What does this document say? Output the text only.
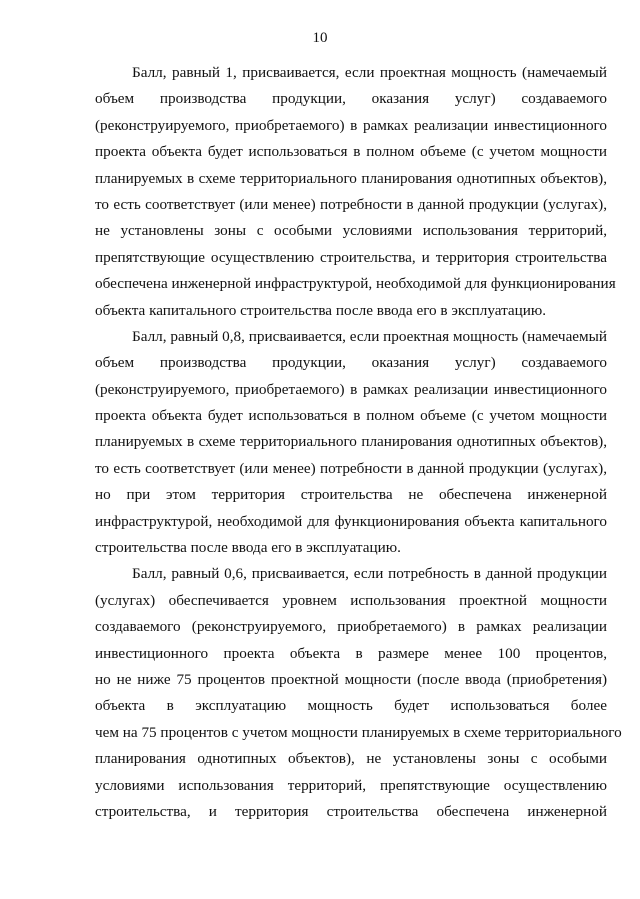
10
Балл, равный 1, присваивается, если проектная мощность (намечаемый
объем производства продукции, оказания услуг) создаваемого
(реконструируемого, приобретаемого) в рамках реализации инвестиционного
проекта объекта будет использоваться в полном объеме (с учетом мощности
планируемых в схеме территориального планирования однотипных объектов),
то есть соответствует (или менее) потребности в данной продукции (услугах),
не установлены зоны с особыми условиями использования территорий,
препятствующие осуществлению строительства, и территория строительства
обеспечена инженерной инфраструктурой, необходимой для функционирования
объекта капитального строительства после ввода его в эксплуатацию.
Балл, равный 0,8, присваивается, если проектная мощность (намечаемый
объем производства продукции, оказания услуг) создаваемого
(реконструируемого, приобретаемого) в рамках реализации инвестиционного
проекта объекта будет использоваться в полном объеме (с учетом мощности
планируемых в схеме территориального планирования однотипных объектов),
то есть соответствует (или менее) потребности в данной продукции (услугах),
но при этом территория строительства не обеспечена инженерной
инфраструктурой, необходимой для функционирования объекта капитального
строительства после ввода его в эксплуатацию.
Балл, равный 0,6, присваивается, если потребность в данной продукции
(услугах) обеспечивается уровнем использования проектной мощности
создаваемого (реконструируемого, приобретаемого) в рамках реализации
инвестиционного проекта объекта в размере менее 100 процентов,
но не ниже 75 процентов проектной мощности (после ввода (приобретения)
объекта в эксплуатацию мощность будет использоваться более
чем на 75 процентов с учетом мощности планируемых в схеме территориального
планирования однотипных объектов), не установлены зоны с особыми
условиями использования территорий, препятствующие осуществлению
строительства, и территория строительства обеспечена инженерной
